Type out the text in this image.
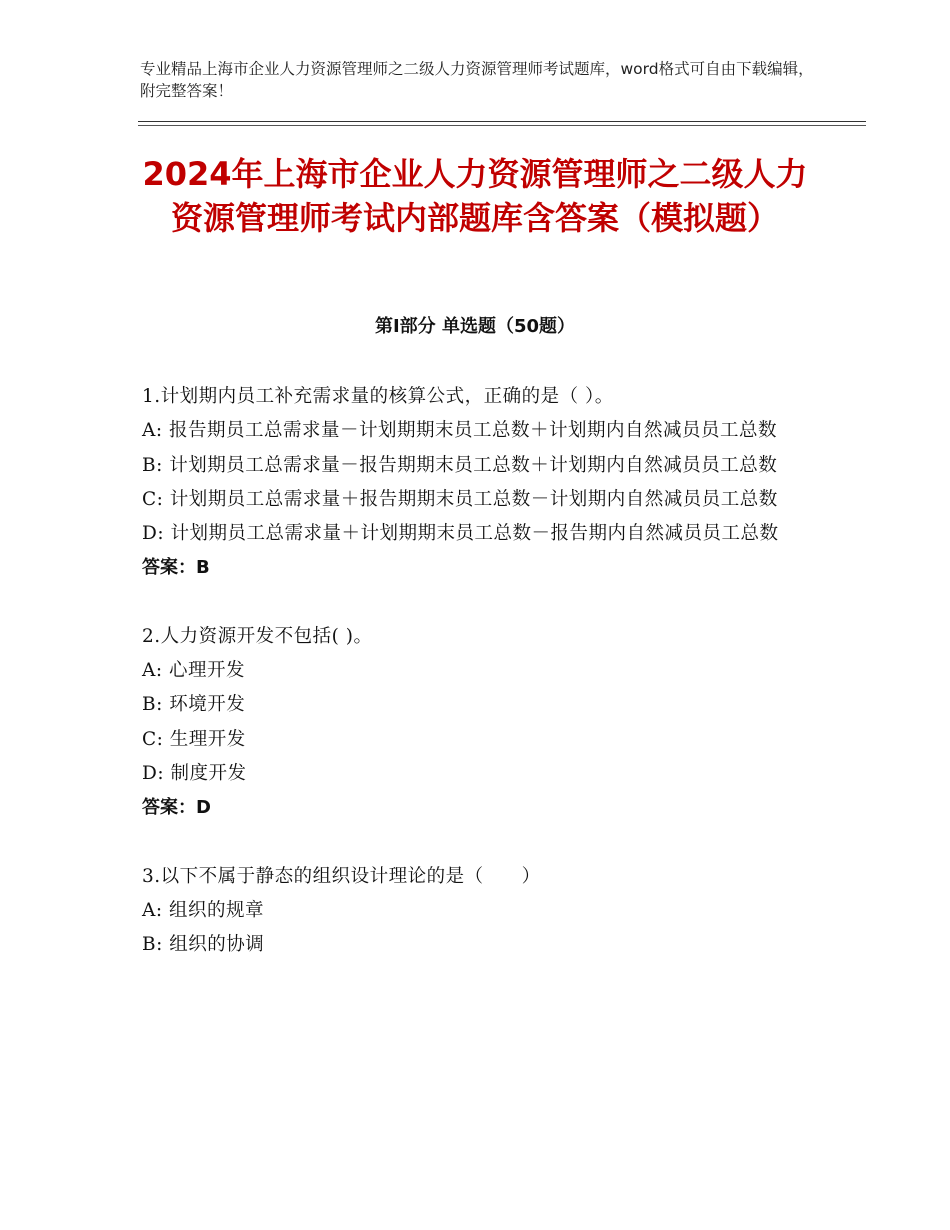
专业精品上海市企业人力资源管理师之二级人力资源管理师考试题库，word格式可自由下载编辑，附完整答案！
2024年上海市企业人力资源管理师之二级人力资源管理师考试内部题库含答案（模拟题）
第Ⅰ部分 单选题（50题）
1.计划期内员工补充需求量的核算公式，正确的是（ ）。
A: 报告期员工总需求量－计划期期末员工总数＋计划期内自然减员员工总数
B: 计划期员工总需求量－报告期期末员工总数＋计划期内自然减员员工总数
C: 计划期员工总需求量＋报告期期末员工总数－计划期内自然减员员工总数
D: 计划期员工总需求量＋计划期期末员工总数－报告期内自然减员员工总数
答案：B
2.人力资源开发不包括( )。
A: 心理开发
B: 环境开发
C: 生理开发
D: 制度开发
答案：D
3.以下不属于静态的组织设计理论的是（　　）
A: 组织的规章
B: 组织的协调
